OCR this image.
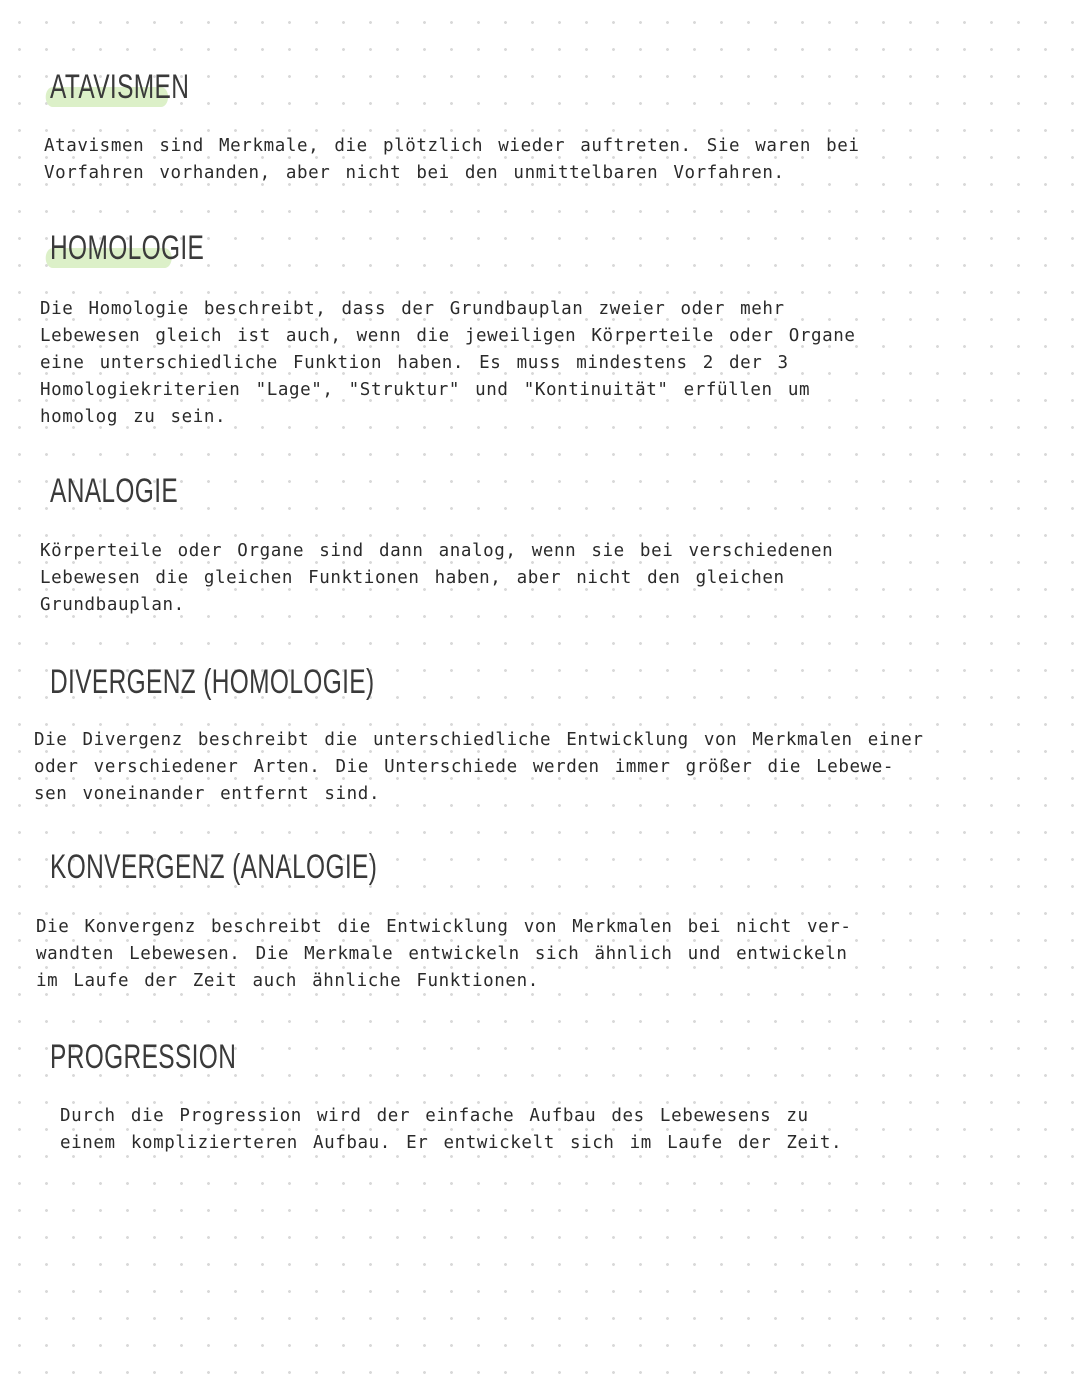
ATAVISMEN
Atavismen sind Merkmale, die plötzlich wieder auftreten. Sie waren bei
Vorfahren vorhanden, aber nicht bei den unmittelbaren Vorfahren.
HOMOLOGIE
Die Homologie beschreibt, dass der Grundbauplan zweier oder mehr
Lebewesen gleich ist auch, wenn die jeweiligen Körperteile oder Organe
eine unterschiedliche Funktion haben. Es muss mindestens 2 der 3
Homologiekriterien "Lage", "Struktur" und "Kontinuität" erfüllen um
homolog zu sein.
ANALOGIE
Körperteile oder Organe sind dann analog, wenn sie bei verschiedenen
Lebewesen die gleichen Funktionen haben, aber nicht den gleichen
Grundbauplan.
DIVERGENZ (HOMOLOGIE)
Die Divergenz beschreibt die unterschiedliche Entwicklung von Merkmalen einer
oder verschiedener Arten. Die Unterschiede werden immer größer die Lebewe-
sen voneinander entfernt sind.
KONVERGENZ (ANALOGIE)
Die Konvergenz beschreibt die Entwicklung von Merkmalen bei nicht ver-
wandten Lebewesen. Die Merkmale entwickeln sich ähnlich und entwickeln
im Laufe der Zeit auch ähnliche Funktionen.
PROGRESSION
Durch die Progression wird der einfache Aufbau des Lebewesens zu
einem komplizierteren Aufbau. Er entwickelt sich im Laufe der Zeit.
